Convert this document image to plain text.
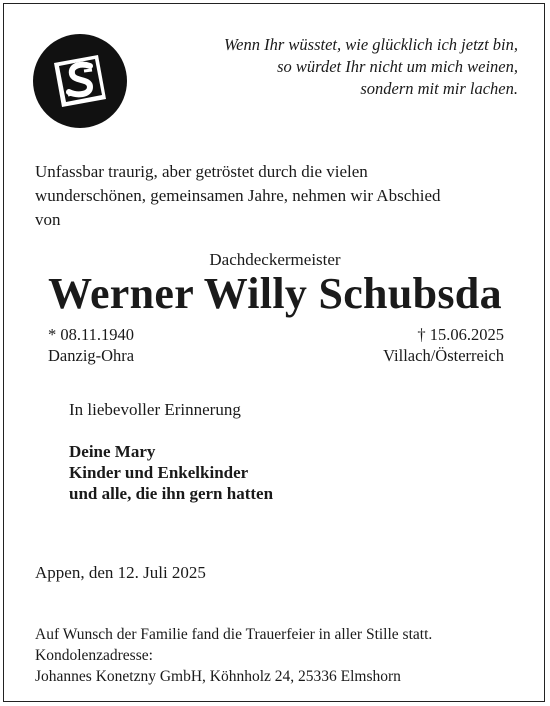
Wenn Ihr wüsstet, wie glücklich ich jetzt bin,
so würdet Ihr nicht um mich weinen,
sondern mit mir lachen.
Unfassbar traurig, aber getröstet durch die vielen
wunderschönen, gemeinsamen Jahre, nehmen wir Abschied
von
Dachdeckermeister
Werner Willy Schubsda
* 08.11.1940
Danzig-Ohra
† 15.06.2025
Villach/Österreich
In liebevoller Erinnerung
Deine Mary
Kinder und Enkelkinder
und alle, die ihn gern hatten
Appen, den 12. Juli 2025
Auf Wunsch der Familie fand die Trauerfeier in aller Stille statt.
Kondolenzadresse:
Johannes Konetzny GmbH, Köhnholz 24, 25336 Elmshorn
